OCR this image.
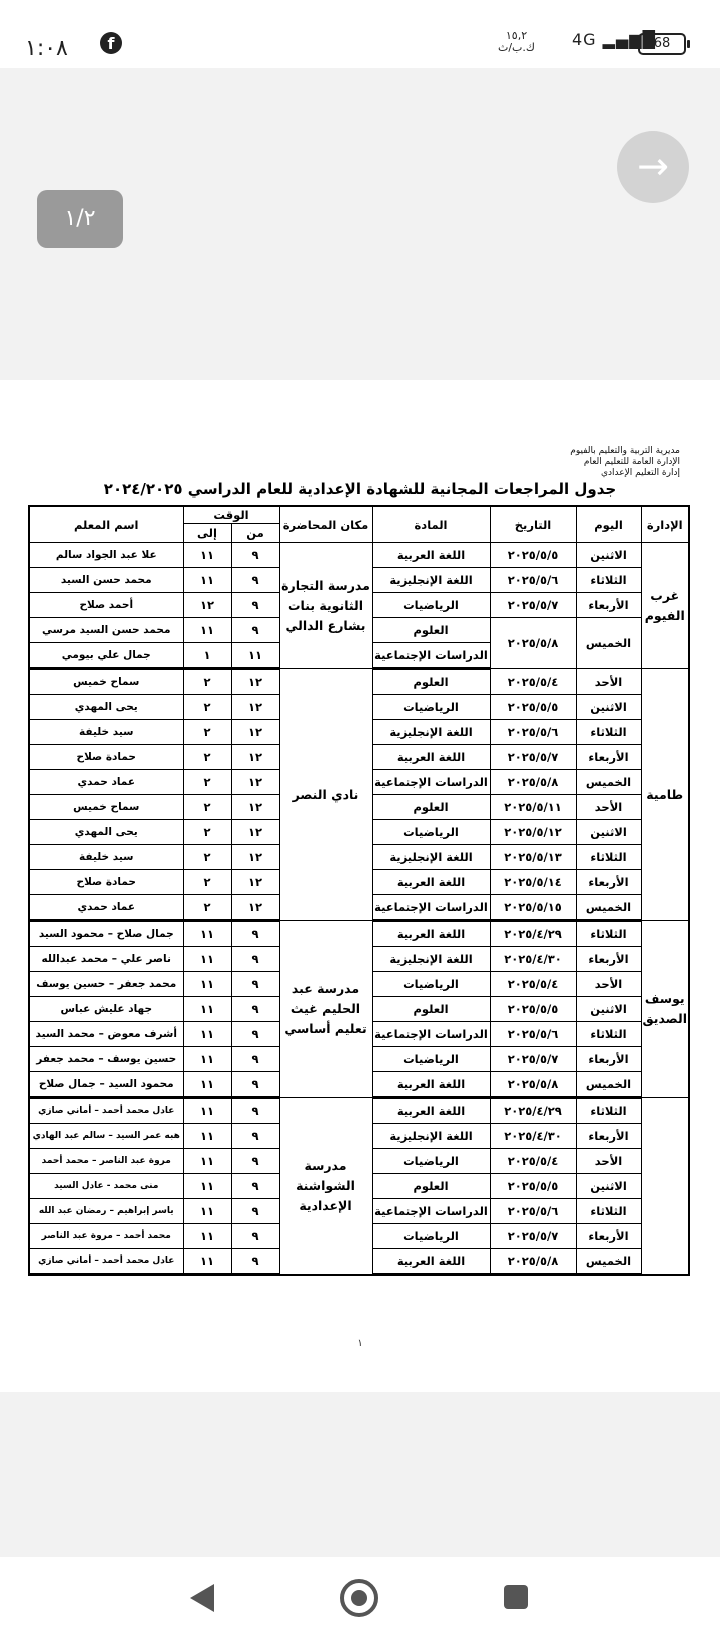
١:٠٨	f	١٥,٢
ك.ب/ث 4G ▂▄▆█
68
→
١/٢
مديرية التربية والتعليم بالفيوم
الإدارة العامة للتعليم العام
إدارة التعليم الإعدادي
جدول المراجعات المجانية للشهادة الإعدادية للعام الدراسي ٢٠٢٤/٢٠٢٥
الإدارة	اليوم	التاريخ	المادة	مكان المحاضرة	الوقت		اسم المعلم
					من	إلى	
غرب الفيوم	الاثنين	٢٠٢٥/٥/٥	اللغة العربية	مدرسة التجارة الثانوية بنات بشارع الدالي	٩	١١	علا عبد الجواد سالم
	الثلاثاء	٢٠٢٥/٥/٦	اللغة الإنجليزية		٩	١١	محمد حسن السيد
	الأربعاء	٢٠٢٥/٥/٧	الرياضيات		٩	١٢	أحمد صلاح
	الخميس	٢٠٢٥/٥/٨	العلوم		٩	١١	محمد حسن السيد مرسي
			الدراسات الإجتماعية		١١	١	جمال علي بيومي
طامية	الأحد	٢٠٢٥/٥/٤	العلوم	نادي النصر	١٢	٢	سماح خميس
	الاثنين	٢٠٢٥/٥/٥	الرياضيات		١٢	٢	يحى المهدي
	الثلاثاء	٢٠٢٥/٥/٦	اللغة الإنجليزية		١٢	٢	سيد خليفة
	الأربعاء	٢٠٢٥/٥/٧	اللغة العربية		١٢	٢	حمادة صلاح
	الخميس	٢٠٢٥/٥/٨	الدراسات الإجتماعية		١٢	٢	عماد حمدي
	الأحد	٢٠٢٥/٥/١١	العلوم		١٢	٢	سماح خميس
	الاثنين	٢٠٢٥/٥/١٢	الرياضيات		١٢	٢	يحى المهدي
	الثلاثاء	٢٠٢٥/٥/١٣	اللغة الإنجليزية		١٢	٢	سيد خليفة
	الأربعاء	٢٠٢٥/٥/١٤	اللغة العربية		١٢	٢	حمادة صلاح
	الخميس	٢٠٢٥/٥/١٥	الدراسات الإجتماعية		١٢	٢	عماد حمدي
يوسف الصديق	الثلاثاء	٢٠٢٥/٤/٢٩	اللغة العربية	مدرسة عبد الحليم غيث تعليم أساسي	٩	١١	جمال صلاح – محمود السيد
	الأربعاء	٢٠٢٥/٤/٣٠	اللغة الإنجليزية		٩	١١	ناصر علي – محمد عبدالله
	الأحد	٢٠٢٥/٥/٤	الرياضيات		٩	١١	محمد جعفر – حسين يوسف
	الاثنين	٢٠٢٥/٥/٥	العلوم		٩	١١	جهاد عليش عباس
	الثلاثاء	٢٠٢٥/٥/٦	الدراسات الإجتماعية		٩	١١	أشرف معوض – محمد السيد
	الأربعاء	٢٠٢٥/٥/٧	الرياضيات		٩	١١	حسين يوسف – محمد جعفر
	الخميس	٢٠٢٥/٥/٨	اللغة العربية		٩	١١	محمود السيد – جمال صلاح
	الثلاثاء	٢٠٢٥/٤/٢٩	اللغة العربية	مدرسة الشواشنة الإعدادية	٩	١١	عادل محمد أحمد – أماني صازي
	الأربعاء	٢٠٢٥/٤/٣٠	اللغة الإنجليزية		٩	١١	هبه عمر السيد – سالم عبد الهادي
	الأحد	٢٠٢٥/٥/٤	الرياضيات		٩	١١	مروة عبد الناصر – محمد أحمد
	الاثنين	٢٠٢٥/٥/٥	العلوم		٩	١١	منى محمد - عادل السيد
	الثلاثاء	٢٠٢٥/٥/٦	الدراسات الإجتماعية		٩	١١	ياسر إبراهيم – رمضان عبد الله
	الأربعاء	٢٠٢٥/٥/٧	الرياضيات		٩	١١	محمد أحمد – مروة عبد الناصر
	الخميس	٢٠٢٥/٥/٨	اللغة العربية		٩	١١	عادل محمد أحمد – أماني صازي
١
